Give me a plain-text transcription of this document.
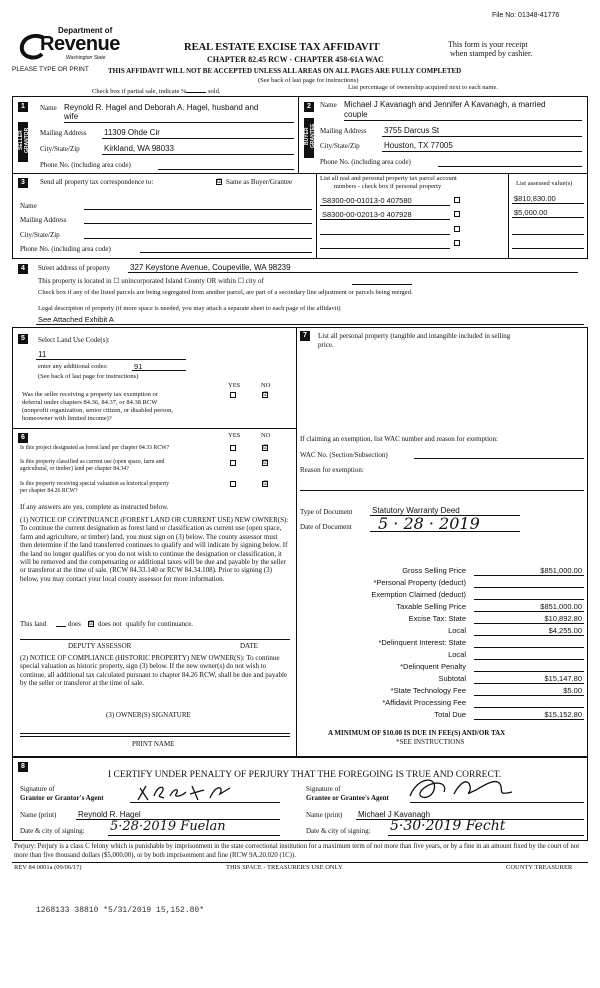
File No: 01348-41776
Department of
Revenue
Washington State
PLEASE TYPE OR PRINT
REAL ESTATE EXCISE TAX AFFIDAVIT
CHAPTER 82.45 RCW - CHAPTER 458-61A WAC
This form is your receipt
when stamped by cashier.
THIS AFFIDAVIT WILL NOT BE ACCEPTED UNLESS ALL AREAS ON ALL PAGES ARE FULLY COMPLETED
(See back of last page for instructions)
Check box if partial sale, indicate %	sold.
List percentage of ownership acquired next to each name.
1
SELLER GRANTOR
Name Reynold R. Hagel and Deborah A. Hagel, husband and
wife
Mailing Address 11309 Ohde Cir
City/State/Zip	Kirkland, WA 98033
Phone No. (including area code)
2
BUYER GRANTEE
Name Michael J Kavanagh and Jennifer A Kavanagh, a married
couple
Mailing Address 3755 Darcus St
City/State/Zip	Houston, TX 77005
Phone No. (including area code)
3	Send all property tax correspondence to:	☑ Same as Buyer/Grantee
Name
Mailing Address
City/State/Zip
Phone No. (including area code)
List all real and personal property tax parcel account
numbers - check box if personal property	List assessed value(s)
S8300-00-01013-0 407580	$810,830.00
S8300-00-02013-0 407928	$5,000.00
4	Street address of property 327 Keystone Avenue, Coupeville, WA 98239
This property is located in ☐ unincorporated Island County OR within ☐ city of
Check box if any of the listed parcels are being segregated from another parcel, are part of a secondary line adjustment or parcels being merged.
Legal description of property (if more space is needed, you may attach a separate sheet to each page of the affidavit)
See Attached Exhibit A
5	Select Land Use Code(s):
11
enter any additional codes:	91
(See back of last page for instructions)
YES	NO
Was the seller receiving a property tax exemption or
deferral under chapters 84.36, 84.37, or 84.38 RCW
(nonprofit organization, senior citizen, or disabled person,
homeowner with limited income)?
☑
7	List all personal property (tangible and intangible included in selling
price.
6	YES	NO
Is this project designated as forest land per chapter 84.33 RCW?	☑
Is this property classified as current use (open space, farm and
agricultural, or timber) land per chapter 84.34?
☑
Is this property receiving special valuation as historical property
per chapter 84.26 RCW?
☑
If any answers are yes, complete as instructed below.
(1) NOTICE OF CONTINUANCE (FOREST LAND OR CURRENT USE) NEW OWNER(S): To continue the current designation as forest land or classification as current use (open space, farm and agriculture, or timber) land, you must sign on (3) below. The county assessor must then determine if the land transferred continues to qualify and will indicate by signing below. If the land no longer qualifies or you do not wish to continue the designation or classification, it will be removed and the compensating or additional taxes will be due and payable by the seller or transferor at the time of sale. (RCW 84.33.140 or RCW 84.34.108). Prior to signing (3) below, you may contact your local county assessor for more information.
This land	does ☑ does not qualify for continuance.
DEPUTY ASSESSOR	DATE
(2) NOTICE OF COMPLIANCE (HISTORIC PROPERTY) NEW OWNER(S): To continue special valuation as historic property, sign (3) below. If the new owner(s) do not wish to continue, all additional tax calculated pursuant to chapter 84.26 RCW, shall be due and payable by the seller or transferor at the time of sale.
(3) OWNER(S) SIGNATURE
PRINT NAME
If claiming an exemption, list WAC number and reason for exemption:
WAC No. (Section/Subsection)
Reason for exemption:
Type of Document Statutory Warranty Deed
Date of Document 5 · 28 · 2019
Gross Selling Price	$851,000.00
*Personal Property (deduct)
Exemption Claimed (deduct)
Taxable Selling Price	$851,000.00
Excise Tax: State	$10,892.80
Local	$4,255.00
*Delinquent Interest: State
Local
*Delinquent Penalty
Subtotal	$15,147.80
*State Technology Fee	$5.00
*Affidavit Processing Fee
Total Due	$15,152.80
A MINIMUM OF $10.00 IS DUE IN FEE(S) AND/OR TAX
*SEE INSTRUCTIONS
8
I CERTIFY UNDER PENALTY OF PERJURY THAT THE FOREGOING IS TRUE AND CORRECT.
Signature of
Grantor or Grantor's Agent
Name (print)	Reynold R. Hagel
Date & city of signing: 5·28·2019 Fuelan
Signature of
Grantee or Grantee's Agent
Name (print) Michael J Kavanagh
Date & city of signing: 5·30·2019 Fecht
Perjury: Perjury is a class C felony which is punishable by imprisonment in the state correctional institution for a maximum term of not more than five years, or by a fine in an amount fixed by the court of not more than five thousand dollars ($5,000.00), or by both imprisonment and fine (RCW 9A.20.020 (1C)).
REV 84 0001a (09/06/17)	THIS SPACE - TREASURER'S USE ONLY	COUNTY TREASURER
1268133 38810 *5/31/2019 15,152.80*
